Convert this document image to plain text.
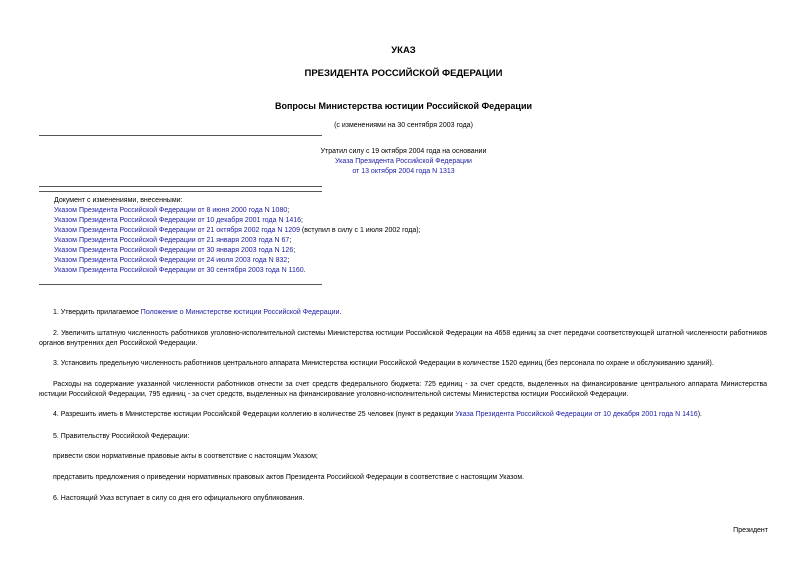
УКАЗ
ПРЕЗИДЕНТА РОССИЙСКОЙ ФЕДЕРАЦИИ
Вопросы Министерства юстиции Российской Федерации
(с изменениями на 30 сентября 2003 года)
Утратил силу с 19 октября 2004 года на основании
Указа Президента Российской Федерации
от 13 октября 2004 года N 1313
Документ с изменениями, внесенными:
Указом Президента Российской Федерации от 8 июня 2000 года N 1080;
Указом Президента Российской Федерации от 10 декабря 2001 года N 1416;
Указом Президента Российской Федерации от 21 октября 2002 года N 1209 (вступил в силу с 1 июля 2002 года);
Указом Президента Российской Федерации от 21 января 2003 года N 67;
Указом Президента Российской Федерации от 30 января 2003 года N 126;
Указом Президента Российской Федерации от 24 июля 2003 года N 832;
Указом Президента Российской Федерации от 30 сентября 2003 года N 1160.
1. Утвердить прилагаемое Положение о Министерстве юстиции Российской Федерации.
2. Увеличить штатную численность работников уголовно-исполнительной системы Министерства юстиции Российской Федерации на 4658 единиц за счет передачи соответствующей штатной численности работников органов внутренних дел Российской Федерации.
3. Установить предельную численность работников центрального аппарата Министерства юстиции Российской Федерации в количестве 1520 единиц (без персонала по охране и обслуживанию зданий).
Расходы на содержание указанной численности работников отнести за счет средств федерального бюджета: 725 единиц - за счет средств, выделенных на финансирование центрального аппарата Министерства юстиции Российской Федерации, 795 единиц - за счет средств, выделенных на финансирование уголовно-исполнительной системы Министерства юстиции Российской Федерации.
4. Разрешить иметь в Министерстве юстиции Российской Федерации коллегию в количестве 25 человек (пункт в редакции Указа Президента Российской Федерации от 10 декабря 2001 года N 1416).
5. Правительству Российской Федерации:
привести свои нормативные правовые акты в соответствие с настоящим Указом;
представить предложения о приведении нормативных правовых актов Президента Российской Федерации в соответствие с настоящим Указом.
6. Настоящий Указ вступает в силу со дня его официального опубликования.
Президент
